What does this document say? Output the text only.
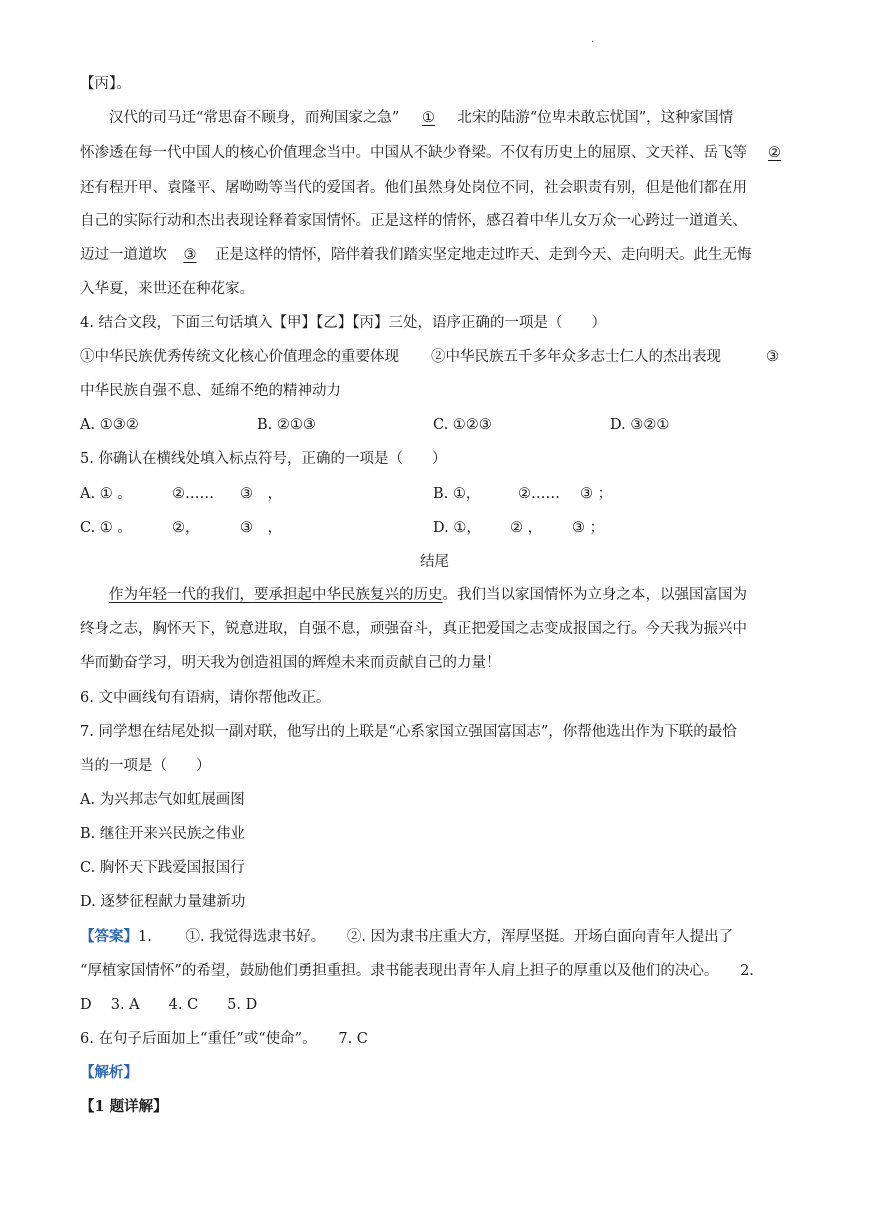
.
【丙】。
汉代的司马迁“常思奋不顾身，而殉国家之急” ① 北宋的陆游“位卑未敢忘忧国”，这种家国情
怀渗透在每一代中国人的核心价值理念当中。中国从不缺少脊梁。不仅有历史上的屈原、文天祥、岳飞等 ②
还有程开甲、袁隆平、屠呦呦等当代的爱国者。他们虽然身处岗位不同，社会职责有别，但是他们都在用
自己的实际行动和杰出表现诠释着家国情怀。正是这样的情怀，感召着中华儿女万众一心跨过一道道关、
迈过一道道坎 ③ 正是这样的情怀，陪伴着我们踏实坚定地走过昨天、走到今天、走向明天。此生无悔
入华夏，来世还在种花家。
4. 结合文段，下面三句话填入【甲】【乙】【丙】三处，语序正确的一项是（　　）
①中华民族优秀传统文化核心价值理念的重要体现 ②中华民族五千多年众多志士仁人的杰出表现	③
中华民族自强不息、延绵不绝的精神动力
A. ①③②	B. ②①③	C. ①②③	D. ③②①
5. 你确认在横线处填入标点符号，正确的一项是（　　）
A. ① 。	②…… ③　，	B. ①，	②…… ③ ；
C. ① 。	②，	③　，	D. ①， ② ， ③ ；
结尾
作为年轻一代的我们，要承担起中华民族复兴的历史。我们当以家国情怀为立身之本，以强国富国为
终身之志，胸怀天下，锐意进取，自强不息，顽强奋斗，真正把爱国之志变成报国之行。今天我为振兴中
华而勤奋学习，明天我为创造祖国的辉煌未来而贡献自己的力量！
6. 文中画线句有语病，请你帮他改正。
7. 同学想在结尾处拟一副对联，他写出的上联是“心系家国立强国富国志”，你帮他选出作为下联的最恰
当的一项是（　　）
A. 为兴邦志气如虹展画图
B. 继往开来兴民族之伟业
C. 胸怀天下践爱国报国行
D. 逐梦征程献力量建新功
【答案】1.　　 ①. 我觉得选隶书好。　　②. 因为隶书庄重大方，浑厚坚挺。开场白面向青年人提出了
“厚植家国情怀”的希望，鼓励他们勇担重担。隶书能表现出青年人肩上担子的厚重以及他们的决心。　　2.
D　 3. A　　4. C　　5. D
6. 在句子后面加上“重任”或“使命”。　　7. C
【解析】
【1 题详解】
